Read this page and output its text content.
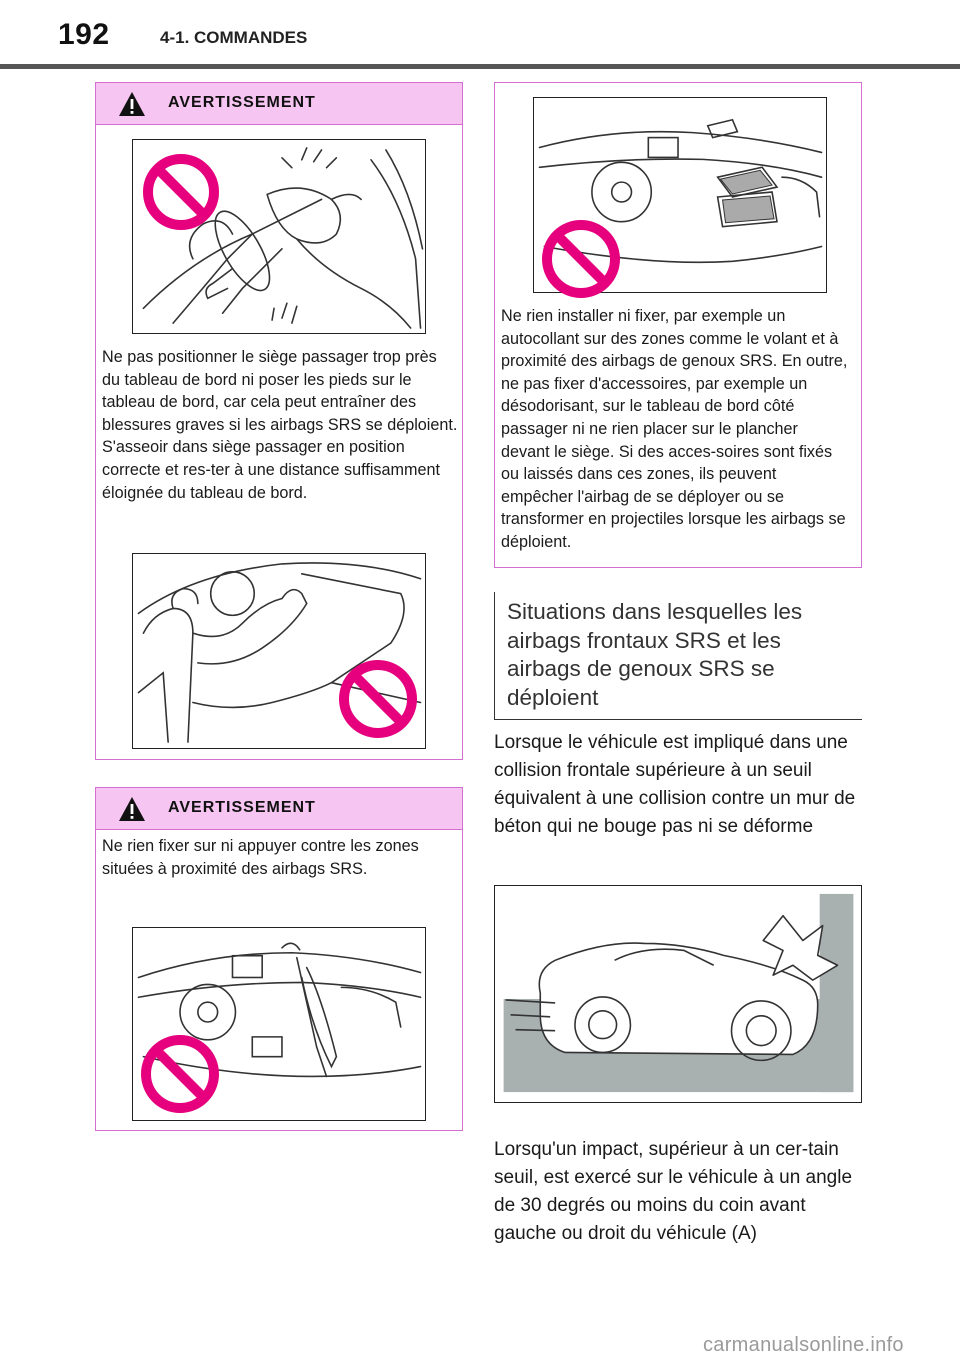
192	4-1. COMMANDES
AVERTISSEMENT
Ne pas positionner le siège passager trop près du tableau de bord ni poser les pieds sur le tableau de bord, car cela peut entraîner des blessures graves si les airbags SRS se déploient. S'asseoir dans siège passager en position correcte et res-ter à une distance suffisamment éloignée du tableau de bord.
AVERTISSEMENT
Ne rien fixer sur ni appuyer contre les zones situées à proximité des airbags SRS.
Ne rien installer ni fixer, par exemple un autocollant sur des zones comme le volant et à proximité des airbags de genoux SRS. En outre, ne pas fixer d'accessoires, par exemple un désodorisant, sur le tableau de bord côté passager ni ne rien placer sur le plancher devant le siège. Si des acces-soires sont fixés ou laissés dans ces zones, ils peuvent empêcher l'airbag de se déployer ou se transformer en projectiles lorsque les airbags se déploient.
Situations dans lesquelles les airbags frontaux SRS et les airbags de genoux SRS se déploient
Lorsque le véhicule est impliqué dans une collision frontale supérieure à un seuil équivalent à une collision contre un mur de béton qui ne bouge pas ni se déforme
Lorsqu'un impact, supérieur à un cer-tain seuil, est exercé sur le véhicule à un angle de 30 degrés ou moins du coin avant gauche ou droit du véhicule (A)
carmanualsonline.info
